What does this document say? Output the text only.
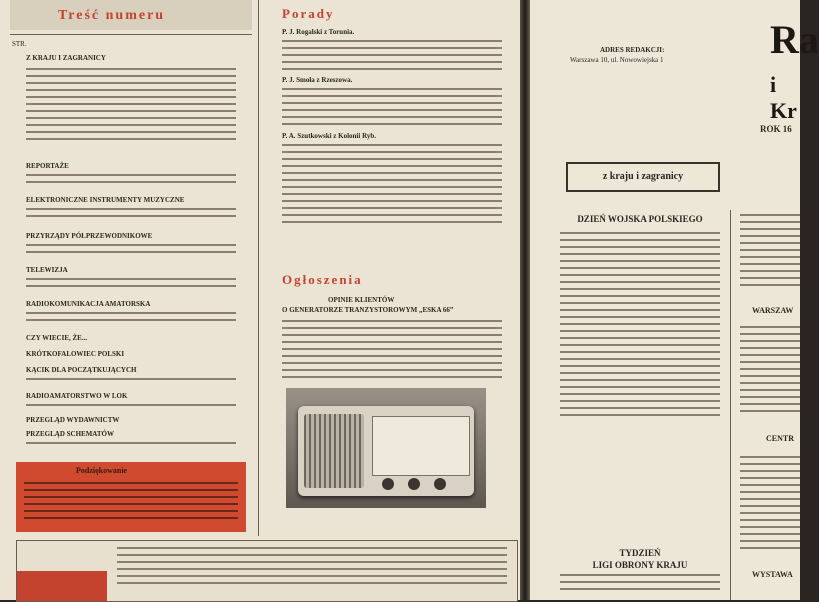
Treść numeru
STR.
Z KRAJU I ZAGRANICY
REPORTAŻE
ELEKTRONICZNE INSTRUMENTY MUZYCZNE
PRZYRZĄDY PÓŁPRZEWODNIKOWE
TELEWIZJA
RADIOKOMUNIKACJA AMATORSKA
CZY WIECIE, ŻE...
KRÓTKOFALOWIEC POLSKI
KĄCIK DLA POCZĄTKUJĄCYCH
RADIOAMATORSTWO W LOK
PRZEGLĄD WYDAWNICTW
PRZEGLĄD SCHEMATÓW
Podziękowanie
Porady
P. J. Rogalski z Torunia.
P. J. Smoła z Rzeszowa.
P. A. Szutkowski z Kolonii Ryb.
Ogłoszenia
OPINIE KLIENTÓW
O GENERATORZE TRANZYSTOROWYM „ESKA 66”
ADRES REDAKCJI:
Warszawa 10, ul. Nowowiejska 1	Ra
i Kr
ROK 16
z kraju i zagranicy
DZIEŃ WOJSKA POLSKIEGO
TYDZIEŃ
LIGI OBRONY KRAJU
WARSZAW
CENTR
WYSTAWA
